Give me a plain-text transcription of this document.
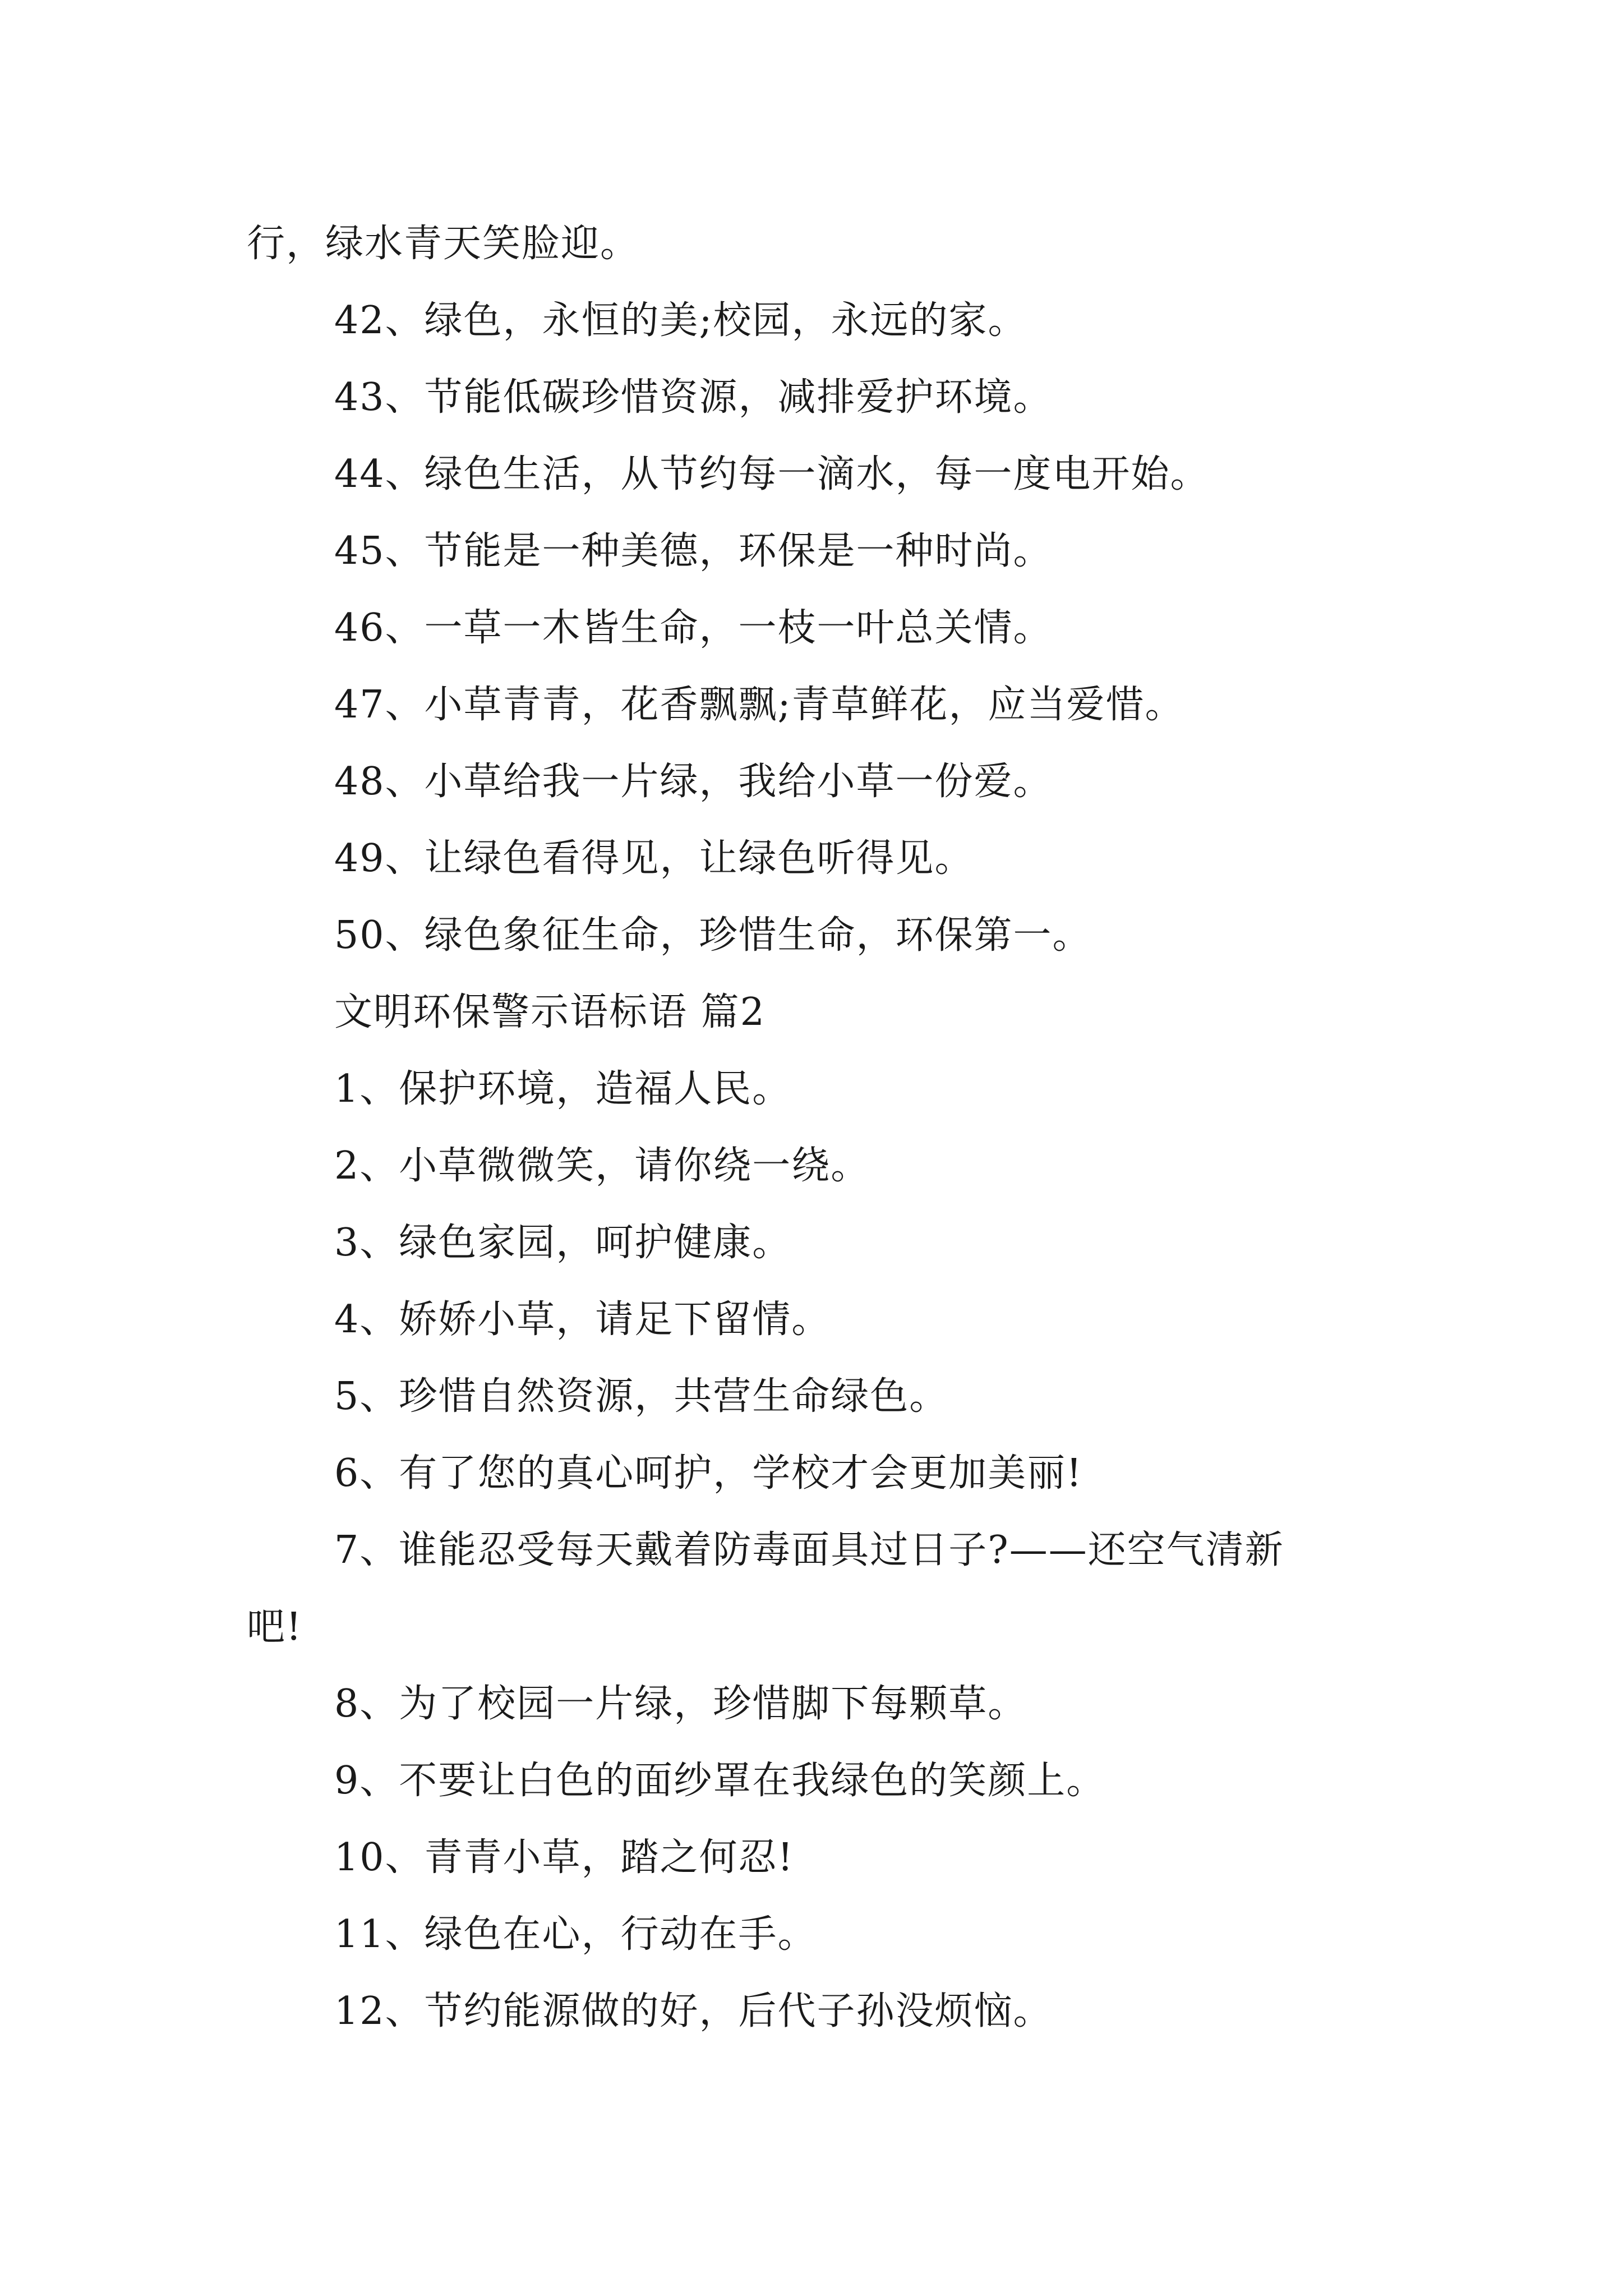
行，绿水青天笑脸迎。
42、绿色，永恒的美;校园，永远的家。
43、节能低碳珍惜资源，减排爱护环境。
44、绿色生活，从节约每一滴水，每一度电开始。
45、节能是一种美德，环保是一种时尚。
46、一草一木皆生命，一枝一叶总关情。
47、小草青青，花香飘飘;青草鲜花，应当爱惜。
48、小草给我一片绿，我给小草一份爱。
49、让绿色看得见，让绿色听得见。
50、绿色象征生命，珍惜生命，环保第一。
文明环保警示语标语 篇2
1、保护环境，造福人民。
2、小草微微笑，请你绕一绕。
3、绿色家园，呵护健康。
4、娇娇小草，请足下留情。
5、珍惜自然资源，共营生命绿色。
6、有了您的真心呵护，学校才会更加美丽!
7、谁能忍受每天戴着防毒面具过日子?——还空气清新
吧!
8、为了校园一片绿，珍惜脚下每颗草。
9、不要让白色的面纱罩在我绿色的笑颜上。
10、青青小草，踏之何忍!
11、绿色在心，行动在手。
12、节约能源做的好，后代子孙没烦恼。
